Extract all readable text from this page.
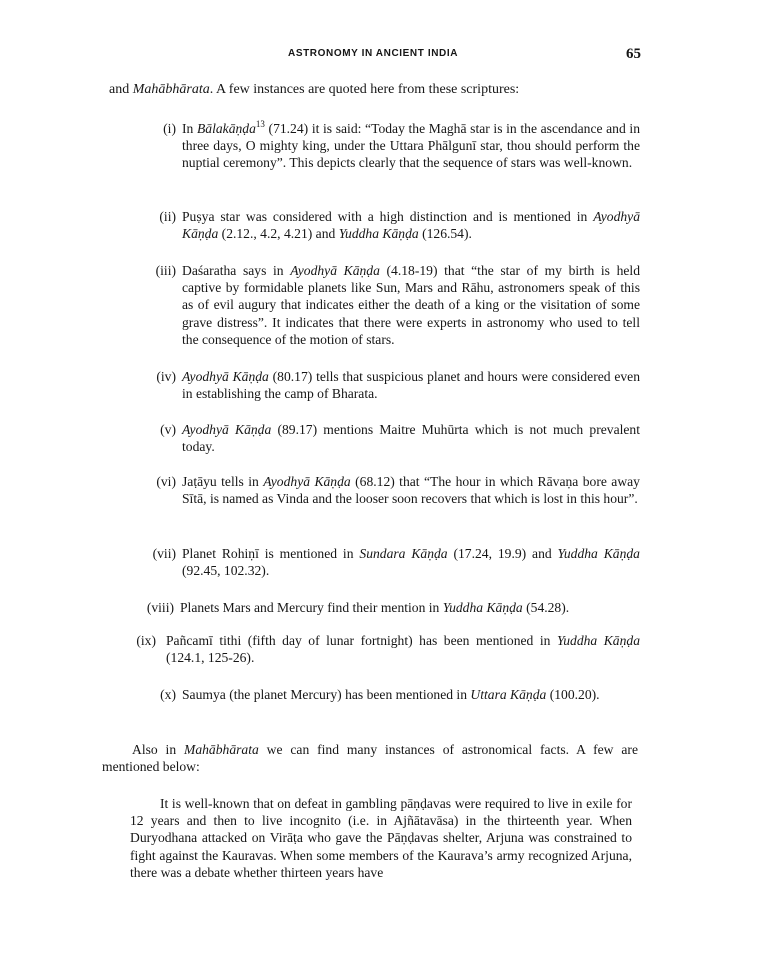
ASTRONOMY IN ANCIENT INDIA	65
and Mahābhārata. A few instances are quoted here from these scriptures:
(i) In Bālakāṇḍa$^{13}$ (71.24) it is said: “Today the Maghā star is in the ascendance and in three days, O mighty king, under the Uttara Phālgunī star, thou should perform the nuptial ceremony”. This depicts clearly that the sequence of stars was well-known.
(ii) Puṣya star was considered with a high distinction and is mentioned in Ayodhyā Kāṇḍa (2.12., 4.2, 4.21) and Yuddha Kāṇḍa (126.54).
(iii) Daśaratha says in Ayodhyā Kāṇḍa (4.18-19) that “the star of my birth is held captive by formidable planets like Sun, Mars and Rāhu, astronomers speak of this as of evil augury that indicates either the death of a king or the visitation of some grave distress”. It indicates that there were experts in astronomy who used to tell the consequence of the motion of stars.
(iv) Ayodhyā Kāṇḍa (80.17) tells that suspicious planet and hours were considered even in establishing the camp of Bharata.
(v) Ayodhyā Kāṇḍa (89.17) mentions Maitre Muhūrta which is not much prevalent today.
(vi) Jaṭāyu tells in Ayodhyā Kāṇḍa (68.12) that “The hour in which Rāvaṇa bore away Sītā, is named as Vinda and the looser soon recovers that which is lost in this hour”.
(vii) Planet Rohiṇī is mentioned in Sundara Kāṇḍa (17.24, 19.9) and Yuddha Kāṇḍa (92.45, 102.32).
(viii) Planets Mars and Mercury find their mention in Yuddha Kāṇḍa (54.28).
(ix) Pañcamī tithi (fifth day of lunar fortnight) has been mentioned in Yuddha Kāṇḍa (124.1, 125-26).
(x) Saumya (the planet Mercury) has been mentioned in Uttara Kāṇḍa (100.20).
Also in Mahābhārata we can find many instances of astronomical facts. A few are mentioned below:
It is well-known that on defeat in gambling pāṇḍavas were required to live in exile for 12 years and then to live incognito (i.e. in Ajñātavāsa) in the thirteenth year. When Duryodhana attacked on Virāṭa who gave the Pāṇḍavas shelter, Arjuna was constrained to fight against the Kauravas. When some members of the Kaurava’s army recognized Arjuna, there was a debate whether thirteen years have
